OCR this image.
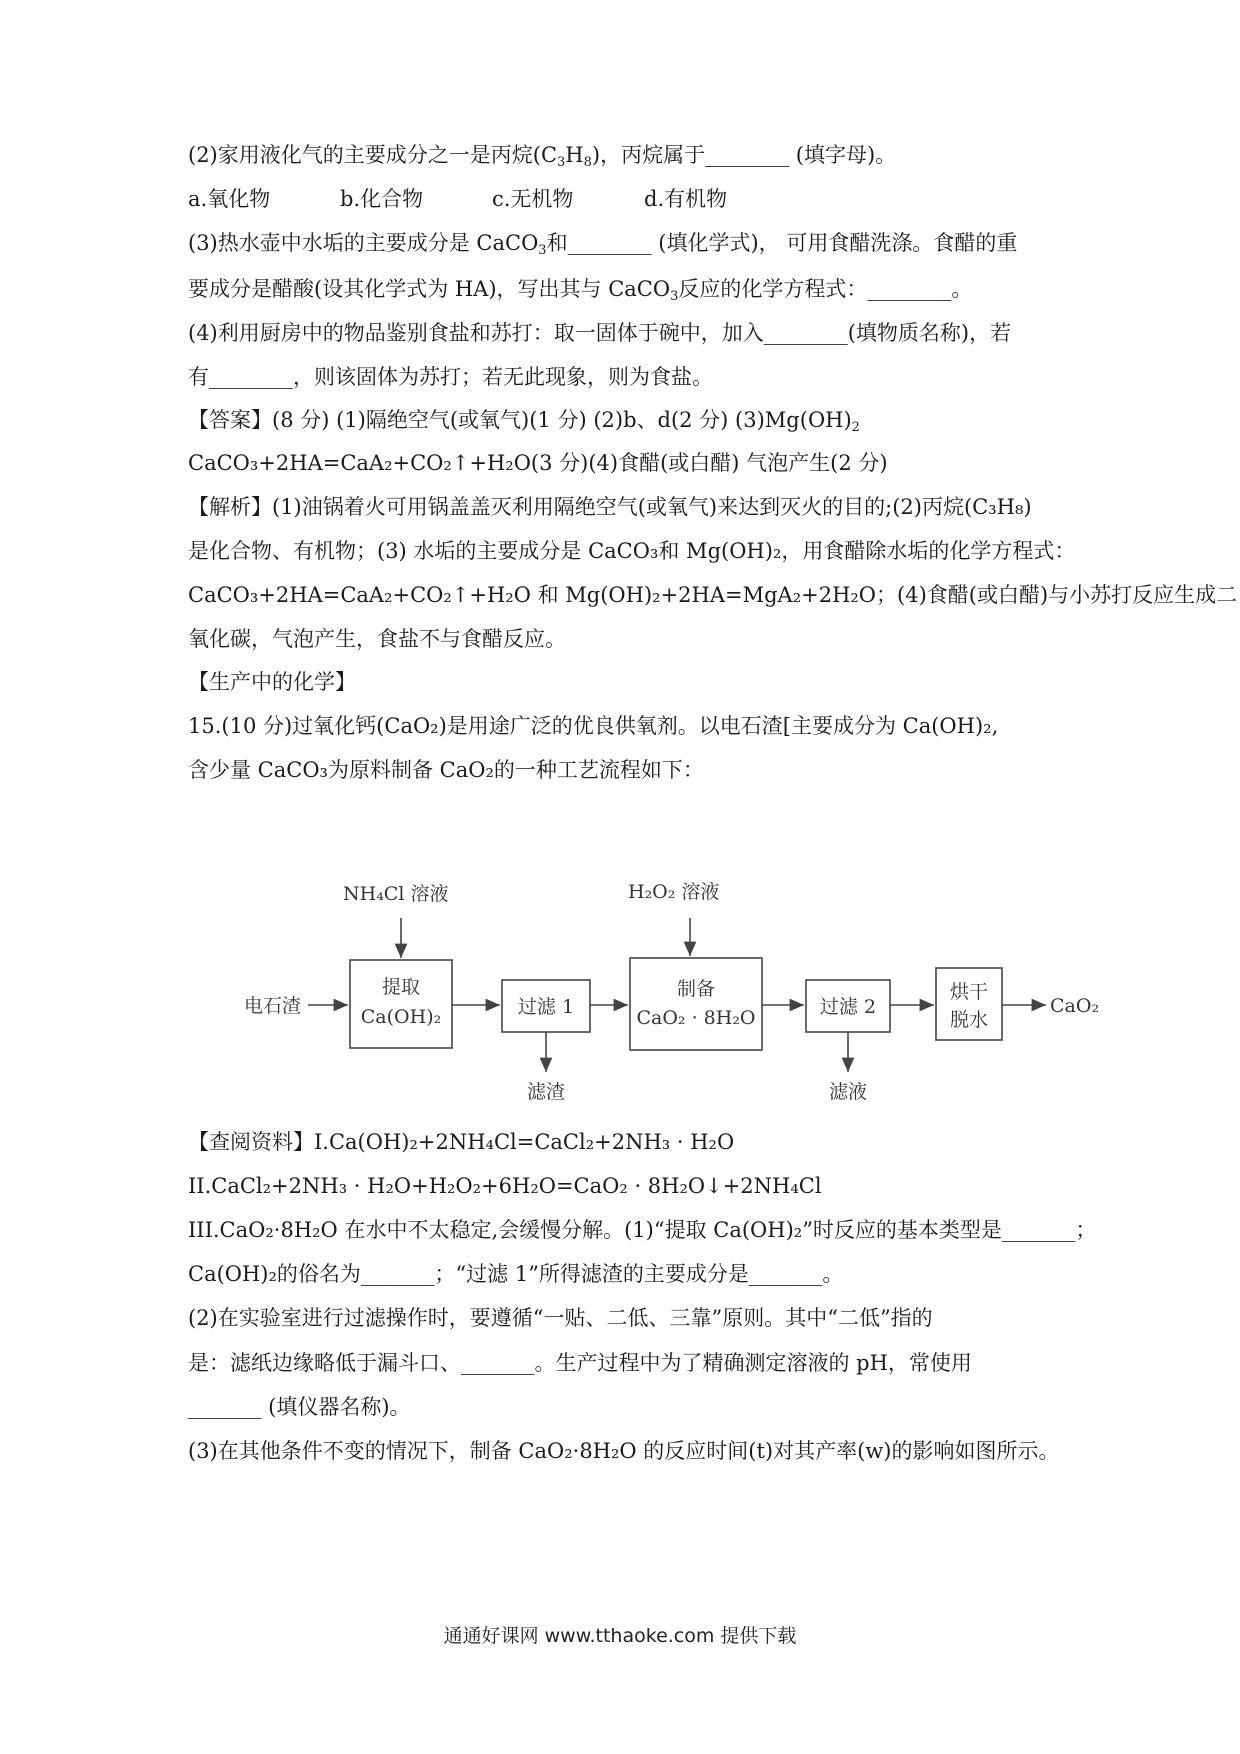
(2)家用液化气的主要成分之一是丙烷$(C_3H_8)$，丙烷属于________ (填字母)。
a.氧化物	b.化合物	c.无机物	d.有机物
(3)热水壶中水垢的主要成分是 CaCO$_3$和________ (填化学式)， 可用食醋洗涤。食醋的重
要成分是醋酸(设其化学式为 HA)，写出其与 CaCO$_3$反应的化学方程式：________。
(4)利用厨房中的物品鉴别食盐和苏打：取一固体于碗中，加入________(填物质名称)，若
有________，则该固体为苏打；若无此现象，则为食盐。
【答案】(8 分) (1)隔绝空气(或氧气)(1 分) (2)b、d(2 分) $(3)Mg(OH)_2$
CaCO₃+2HA=CaA₂+CO₂↑+H₂O(3 分)(4)食醋(或白醋) 气泡产生(2 分)
【解析】(1)油锅着火可用锅盖盖灭利用隔绝空气(或氧气)来达到灭火的目的;(2)丙烷(C₃H₈)
是化合物、有机物；(3) 水垢的主要成分是 CaCO₃和 Mg(OH)₂，用食醋除水垢的化学方程式：
CaCO₃+2HA=CaA₂+CO₂↑+H₂O 和 Mg(OH)₂+2HA=MgA₂+2H₂O；(4)食醋(或白醋)与小苏打反应生成二
氧化碳，气泡产生，食盐不与食醋反应。
【生产中的化学】
15.(10 分)过氧化钙(CaO₂)是用途广泛的优良供氧剂。以电石渣[主要成分为 Ca(OH)₂,
含少量 CaCO₃为原料制备 CaO₂的一种工艺流程如下：
电石渣
NH₄Cl 溶液
提取
Ca(OH)₂	过滤 1
滤渣
H₂O₂ 溶液
制备
CaO₂ · 8H₂O	过滤 2
滤液
烘干
脱水
CaO₂
【查阅资料】I.Ca(OH)₂+2NH₄Cl=CaCl₂+2NH₃ · H₂O
II.CaCl₂+2NH₃ · H₂O+H₂O₂+6H₂O=CaO₂ · 8H₂O↓+2NH₄Cl
III.CaO₂·8H₂O 在水中不太稳定,会缓慢分解。(1)“提取 Ca(OH)₂”时反应的基本类型是_______；
Ca(OH)₂的俗名为_______；“过滤 1”所得滤渣的主要成分是_______。
(2)在实验室进行过滤操作时，要遵循“一贴、二低、三靠”原则。其中“二低”指的
是：滤纸边缘略低于漏斗口、_______。生产过程中为了精确测定溶液的 pH，常使用
_______ (填仪器名称)。
(3)在其他条件不变的情况下，制备 CaO₂·8H₂O 的反应时间(t)对其产率(w)的影响如图所示。
通通好课网 www.tthaoke.com 提供下载
